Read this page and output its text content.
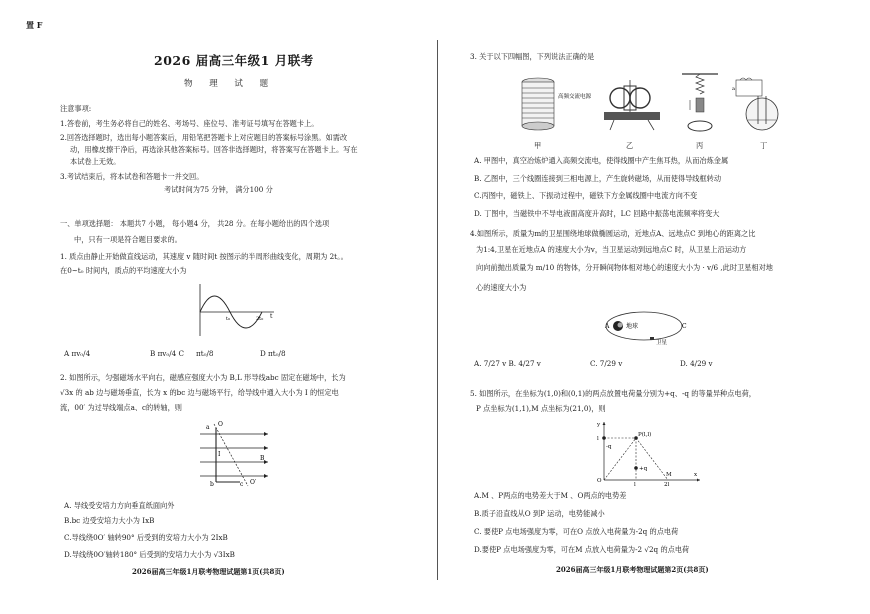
置 F
2026 届高三年级1 月联考
物 理 试 题
注意事项:
1.答卷前，考生务必将自己的姓名、考场号、座位号、准考证号填写在答题卡上。
2.回答选择题时，选出每小题答案后，用铅笔把答题卡上对应题目的答案标号涂黑。如需改
动，用橡皮擦干净后，再选涂其他答案标号。回答非选择题时，将答案写在答题卡上。写在
本试卷上无效。
3.考试结束后，将本试卷和答题卡一并交回。
考试时间为75 分钟， 满分100 分
一、单项选择题： 本题共7 小题， 每小题4 分， 共28 分。在每小题给出的四个选项
中，只有一项是符合题目要求的。
1. 质点由静止开始做直线运动，其速度 v 随时间t 按图示的半周形曲线变化，周期为 2t。。
在0~t₀ 时间内，质点的平均速度大小为
t
t₀	2t₀
A πv₀/4	B πv₀/4 C πt₀/8	D πt₀/8
2. 如图所示，匀强磁场水平向右，磁感应强度大小为 B,L 形导线abc 固定在磁场中，长为
√3x 的 ab 边与磁场垂直，长为 x 的bc 边与磁场平行，给导线中通入大小为 I 的恒定电
流，00′ 为过导线端点a、c的转轴，则
a O
I
B
b	c O′
A. 导线受安培力方向垂直纸面向外
B.bc 边受安培力大小为 IxB
C.导线绕0O′ 轴转90° 后受到的安培力大小为 2IxB
D.导线绕0O′轴转180° 后受到的安培力大小为 √3IxB
2026届高三年级1月联考物理试题第1页(共8页)
3. 关于以下四幅图，下列说法正确的是
高频交流电源
a
甲	乙	丙	丁
A. 甲图中，真空冶炼炉通入高频交流电，使得线圈中产生焦耳热，从而冶炼金属
B. 乙图中，三个线圈连接到三相电源上，产生旋转磁场，从而使得导线框转动
C.丙图中，磁铁上、下振动过程中，磁铁下方金属线圈中电流方向不变
D. 丁图中，当磁铁中不导电液面高度升高时，LC 回路中振荡电流频率将变大
4.如图所示，质量为m的卫星围绕地球做椭圆运动，近地点A、远地点C 到地心的距离之比
为1:4,卫星在近地点A 的速度大小为v，当卫星运动到远地点C 时，从卫星上沿运动方
向向前抛出质量为 m/10 的物体，分开瞬间物体相对地心的速度大小为 · v/6 ,此时卫星相对地
心的速度大小为
A	地球	C
卫星
A. 7/27 v B. 4/27 v	C. 7/29 v	D. 4/29 v
5. 如图所示，在坐标为(1,0)和(0,1)的两点放置电荷量分别为+q、-q 的等量异种点电荷，
P 点坐标为(1,1),M 点坐标为(21,0)，则
P(l,l)
l
-q
+q
O
l
M
2l
x
y
A.M 、P两点的电势差大于M 、O两点的电势差
B.质子沿直线从O 到P 运动，电势能减小
C. 要使P 点电场强度为零，可在O 点放入电荷量为-2q 的点电荷
D.要使P 点电场强度为零，可在M 点放入电荷量为-2 √2q 的点电荷
2026届高三年级1月联考物理试题第2页(共8页)
